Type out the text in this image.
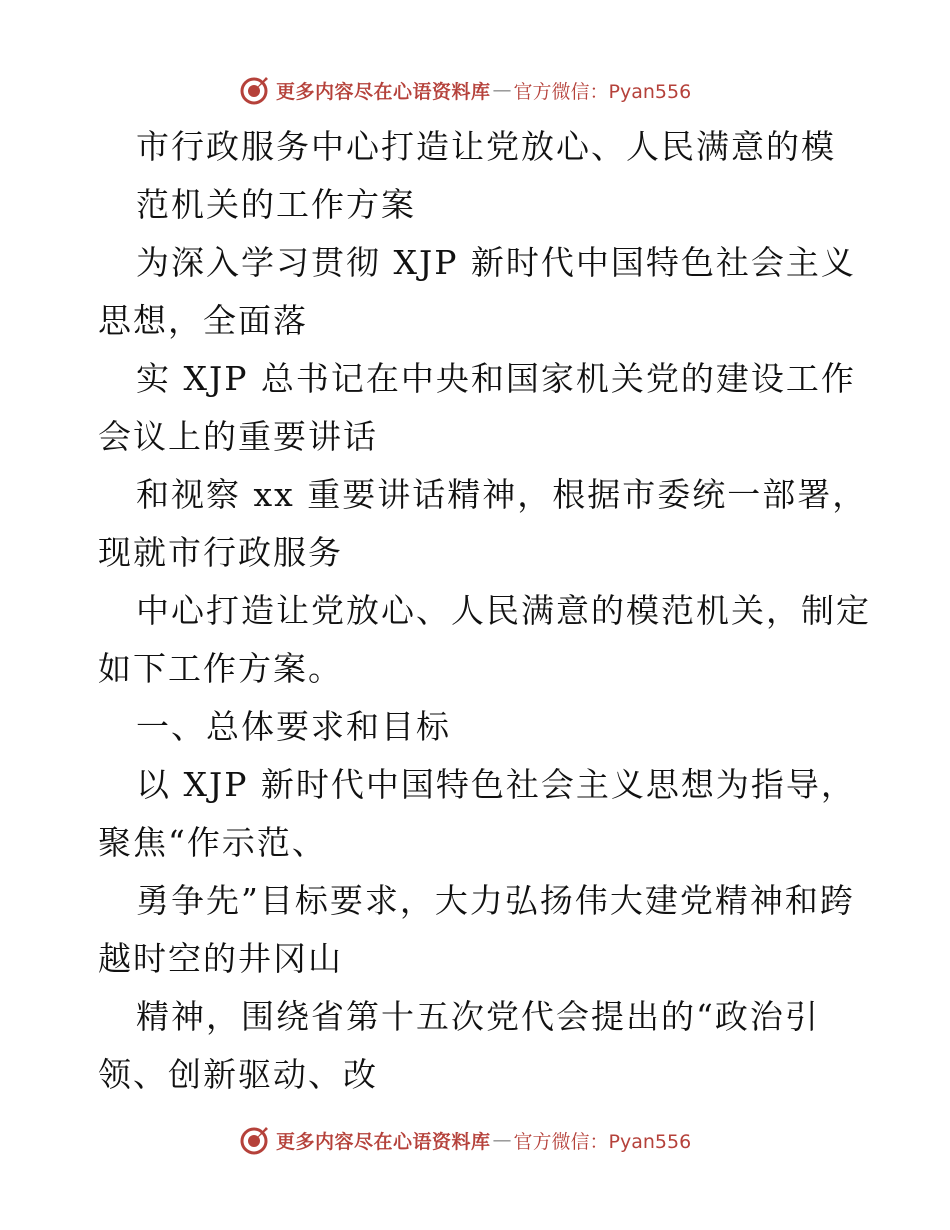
更多内容尽在心语资料库 — 官方微信：Pyan556
市行政服务中心打造让党放心、人民满意的模
范机关的工作方案
为深入学习贯彻 XJP 新时代中国特色社会主义
思想，全面落
实 XJP 总书记在中央和国家机关党的建设工作
会议上的重要讲话
和视察 xx 重要讲话精神，根据市委统一部署，
现就市行政服务
中心打造让党放心、人民满意的模范机关，制定
如下工作方案。
一、总体要求和目标
以 XJP 新时代中国特色社会主义思想为指导，
聚焦“作示范、
勇争先”目标要求，大力弘扬伟大建党精神和跨
越时空的井冈山
精神，围绕省第十五次党代会提出的“政治引
领、创新驱动、改
更多内容尽在心语资料库 — 官方微信：Pyan556
